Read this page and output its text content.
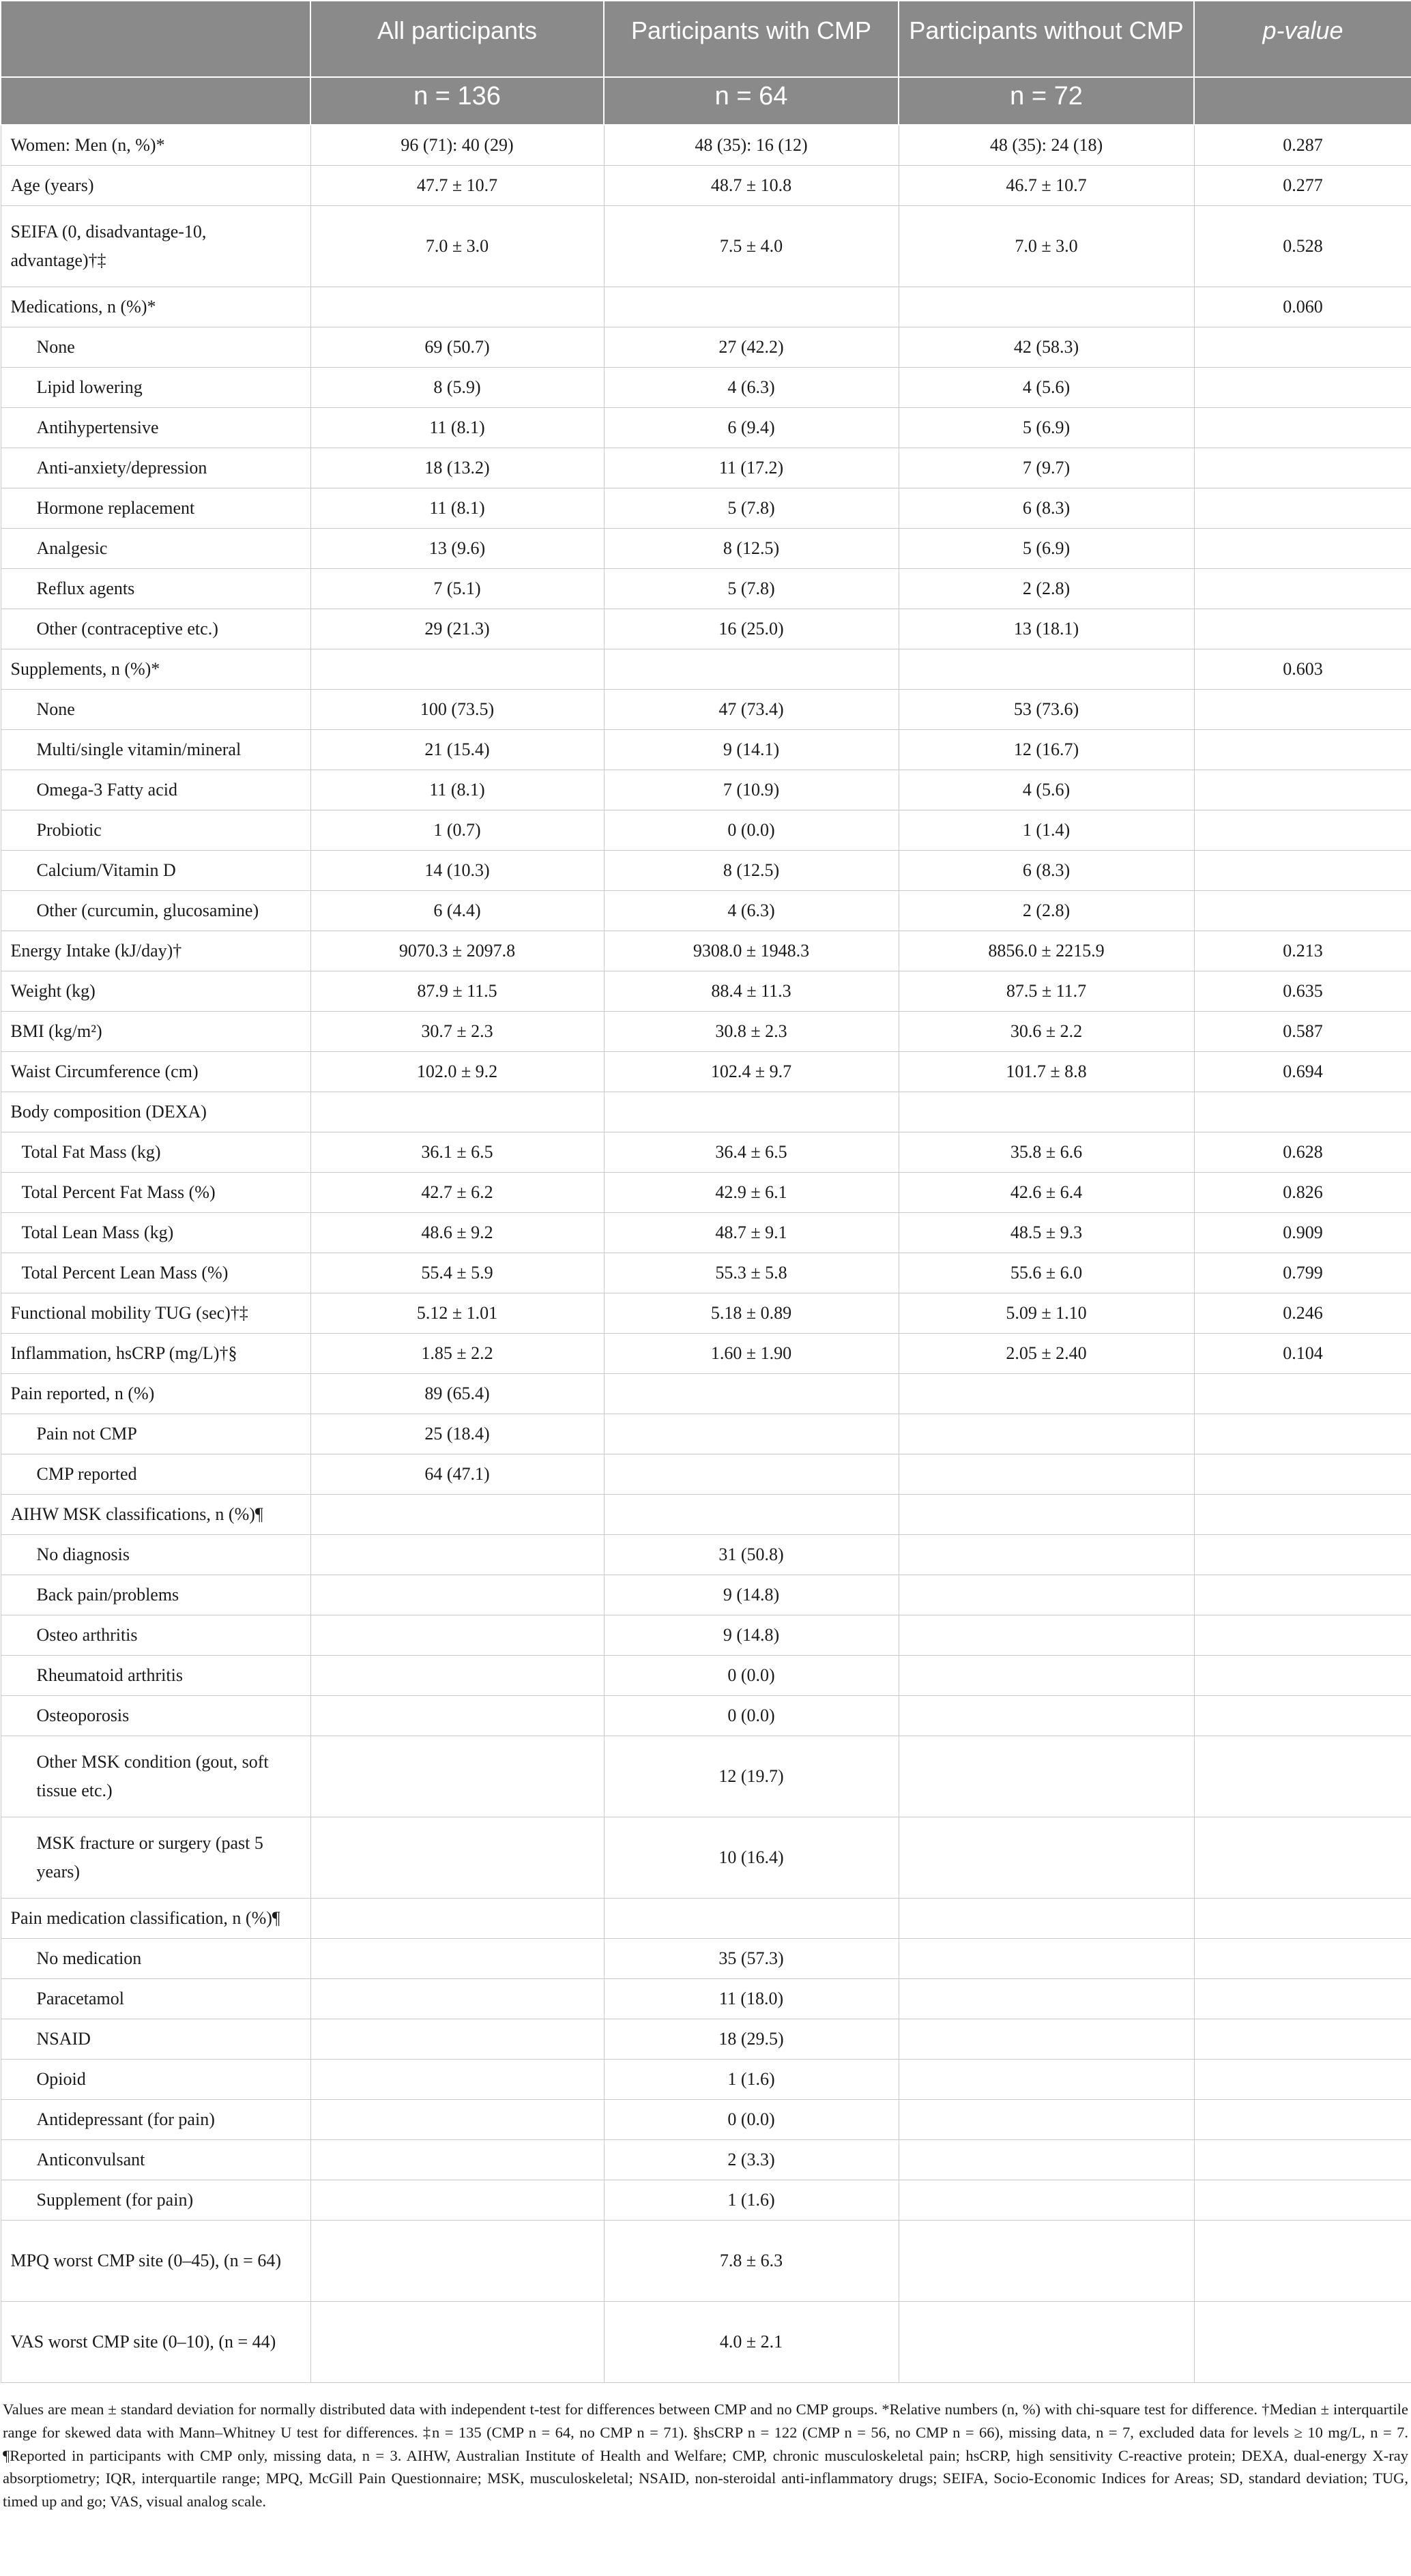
	All participants	Participants with CMP	Participants without CMP	p-value
	n = 136	n = 64	n = 72	
Women: Men (n, %)*	96 (71): 40 (29)	48 (35): 16 (12)	48 (35): 24 (18)	0.287
Age (years)	47.7 ± 10.7	48.7 ± 10.8	46.7 ± 10.7	0.277
SEIFA (0, disadvantage-10, advantage)†‡	7.0 ± 3.0	7.5 ± 4.0	7.0 ± 3.0	0.528
Medications, n (%)*				0.060
None	69 (50.7)	27 (42.2)	42 (58.3)	
Lipid lowering	8 (5.9)	4 (6.3)	4 (5.6)	
Antihypertensive	11 (8.1)	6 (9.4)	5 (6.9)	
Anti-anxiety/depression	18 (13.2)	11 (17.2)	7 (9.7)	
Hormone replacement	11 (8.1)	5 (7.8)	6 (8.3)	
Analgesic	13 (9.6)	8 (12.5)	5 (6.9)	
Reflux agents	7 (5.1)	5 (7.8)	2 (2.8)	
Other (contraceptive etc.)	29 (21.3)	16 (25.0)	13 (18.1)	
Supplements, n (%)*				0.603
None	100 (73.5)	47 (73.4)	53 (73.6)	
Multi/single vitamin/mineral	21 (15.4)	9 (14.1)	12 (16.7)	
Omega-3 Fatty acid	11 (8.1)	7 (10.9)	4 (5.6)	
Probiotic	1 (0.7)	0 (0.0)	1 (1.4)	
Calcium/Vitamin D	14 (10.3)	8 (12.5)	6 (8.3)	
Other (curcumin, glucosamine)	6 (4.4)	4 (6.3)	2 (2.8)	
Energy Intake (kJ/day)†	9070.3 ± 2097.8	9308.0 ± 1948.3	8856.0 ± 2215.9	0.213
Weight (kg)	87.9 ± 11.5	88.4 ± 11.3	87.5 ± 11.7	0.635
BMI (kg/m²)	30.7 ± 2.3	30.8 ± 2.3	30.6 ± 2.2	0.587
Waist Circumference (cm)	102.0 ± 9.2	102.4 ± 9.7	101.7 ± 8.8	0.694
Body composition (DEXA)				
Total Fat Mass (kg)	36.1 ± 6.5	36.4 ± 6.5	35.8 ± 6.6	0.628
Total Percent Fat Mass (%)	42.7 ± 6.2	42.9 ± 6.1	42.6 ± 6.4	0.826
Total Lean Mass (kg)	48.6 ± 9.2	48.7 ± 9.1	48.5 ± 9.3	0.909
Total Percent Lean Mass (%)	55.4 ± 5.9	55.3 ± 5.8	55.6 ± 6.0	0.799
Functional mobility TUG (sec)†‡	5.12 ± 1.01	5.18 ± 0.89	5.09 ± 1.10	0.246
Inflammation, hsCRP (mg/L)†§	1.85 ± 2.2	1.60 ± 1.90	2.05 ± 2.40	0.104
Pain reported, n (%)	89 (65.4)			
Pain not CMP	25 (18.4)			
CMP reported	64 (47.1)			
AIHW MSK classifications, n (%)¶				
No diagnosis		31 (50.8)		
Back pain/problems		9 (14.8)		
Osteo arthritis		9 (14.8)		
Rheumatoid arthritis		0 (0.0)		
Osteoporosis		0 (0.0)		
Other MSK condition (gout, soft tissue etc.)		12 (19.7)		
MSK fracture or surgery (past 5 years)		10 (16.4)		
Pain medication classification, n (%)¶				
No medication		35 (57.3)		
Paracetamol		11 (18.0)		
NSAID		18 (29.5)		
Opioid		1 (1.6)		
Antidepressant (for pain)		0 (0.0)		
Anticonvulsant		2 (3.3)		
Supplement (for pain)		1 (1.6)		
MPQ worst CMP site (0–45), (n = 64)		7.8 ± 6.3		
VAS worst CMP site (0–10), (n = 44)		4.0 ± 2.1		
Values are mean ± standard deviation for normally distributed data with independent t-test for differences between CMP and no CMP groups. *Relative numbers (n, %) with chi-square test for difference. †Median ± interquartile range for skewed data with Mann–Whitney U test for differences. ‡n = 135 (CMP n = 64, no CMP n = 71). §hsCRP n = 122 (CMP n = 56, no CMP n = 66), missing data, n = 7, excluded data for levels ≥ 10 mg/L, n = 7. ¶Reported in participants with CMP only, missing data, n = 3. AIHW, Australian Institute of Health and Welfare; CMP, chronic musculoskeletal pain; hsCRP, high sensitivity C-reactive protein; DEXA, dual-energy X-ray absorptiometry; IQR, interquartile range; MPQ, McGill Pain Questionnaire; MSK, musculoskeletal; NSAID, non-steroidal anti-inflammatory drugs; SEIFA, Socio-Economic Indices for Areas; SD, standard deviation; TUG, timed up and go; VAS, visual analog scale.
